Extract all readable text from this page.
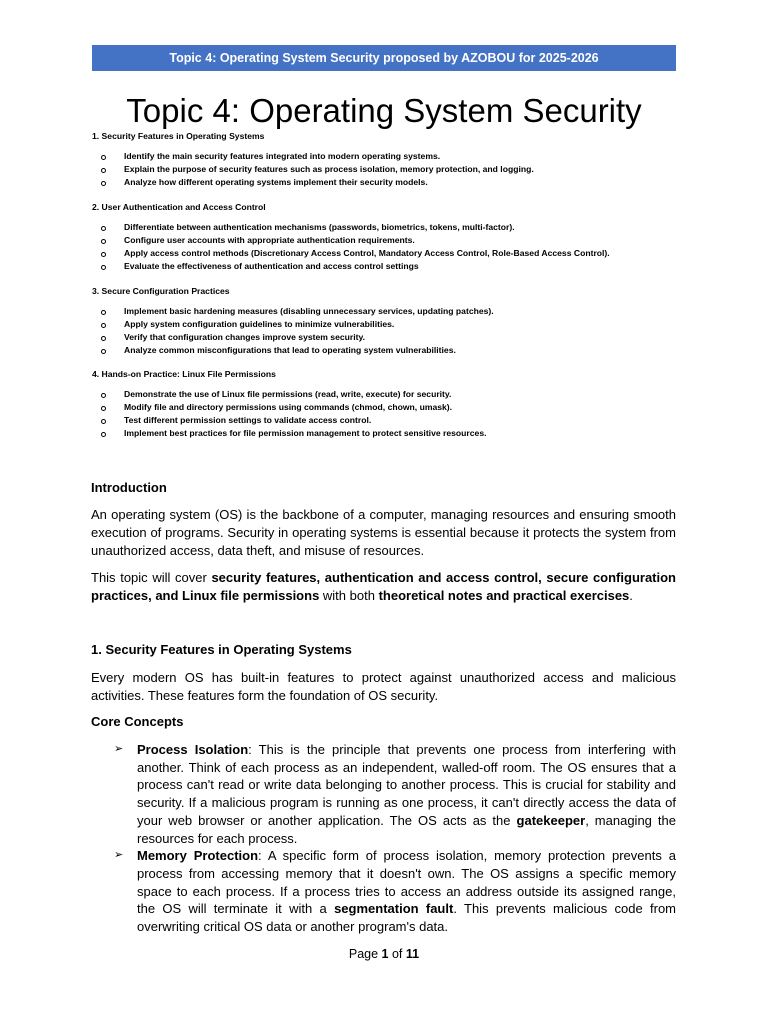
Topic 4: Operating System Security proposed by AZOBOU for 2025-2026
Topic 4: Operating System Security

1. Security Features in Operating Systems

Identify the main security features integrated into modern operating systems.
Explain the purpose of security features such as process isolation, memory protection, and logging.
Analyze how different operating systems implement their security models.

2. User Authentication and Access Control

Differentiate between authentication mechanisms (passwords, biometrics, tokens, multi-factor).
Configure user accounts with appropriate authentication requirements.
Apply access control methods (Discretionary Access Control, Mandatory Access Control, Role-Based Access Control).
Evaluate the effectiveness of authentication and access control settings

3. Secure Configuration Practices

Implement basic hardening measures (disabling unnecessary services, updating patches).
Apply system configuration guidelines to minimize vulnerabilities.
Verify that configuration changes improve system security.
Analyze common misconfigurations that lead to operating system vulnerabilities.

4. Hands-on Practice: Linux File Permissions

Demonstrate the use of Linux file permissions (read, write, execute) for security.
Modify file and directory permissions using commands (chmod, chown, umask).
Test different permission settings to validate access control.
Implement best practices for file permission management to protect sensitive resources.

Introduction

An operating system (OS) is the backbone of a computer, managing resources and ensuring smooth execution of programs. Security in operating systems is essential because it protects the system from unauthorized access, data theft, and misuse of resources.

This topic will cover security features, authentication and access control, secure configuration practices, and Linux file permissions with both theoretical notes and practical exercises.

1. Security Features in Operating Systems

Every modern OS has built-in features to protect against unauthorized access and malicious activities. These features form the foundation of OS security.

Core Concepts

➢ Process Isolation: This is the principle that prevents one process from interfering with another. Think of each process as an independent, walled-off room. The OS ensures that a process can't read or write data belonging to another process. This is crucial for stability and security. If a malicious program is running as one process, it can't directly access the data of your web browser or another application. The OS acts as the gatekeeper, managing the resources for each process.
➢ Memory Protection: A specific form of process isolation, memory protection prevents a process from accessing memory that it doesn't own. The OS assigns a specific memory space to each process. If a process tries to access an address outside its assigned range, the OS will terminate it with a segmentation fault. This prevents malicious code from overwriting critical OS data or another program's data.
Page 1 of 11
